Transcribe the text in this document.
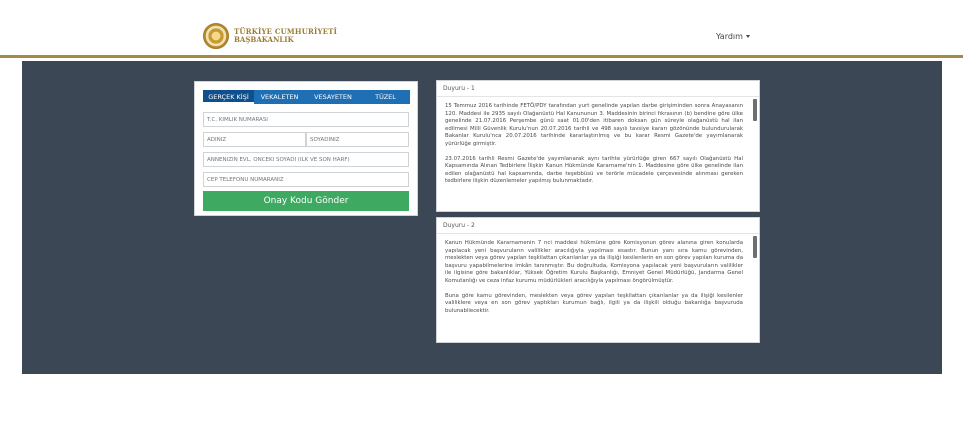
TÜRKİYE CUMHURİYETİ
BAŞBAKANLIK	Yardım
GERÇEK KİŞİ	VEKALETEN	VESAYETEN	TÜZEL
T.C. KİMLİK NUMARASI
ADINIZ
SOYADINIZ
ANNENİZİN EVL. ÖNCEKİ SOYADI (İLK VE SON HARF)
CEP TELEFONU NUMARANIZ
Onay Kodu Gönder
Duyuru - 1

15 Temmuz 2016 tarihinde FETÖ/PDY tarafından yurt genelinde yapılan darbe girişiminden sonra Anayasanın 120. Maddesi ile 2935 sayılı Olağanüstü Hal Kanununun 3. Maddesinin birinci fıkrasının (b) bendine göre ülke genelinde 21.07.2016 Perşembe günü saat 01.00'den itibaren doksan gün süreyle olağanüstü hal ilan edilmesi Milli Güvenlik Kurulu'nun 20.07.2016 tarihli ve 498 sayılı tavsiye kararı gözönünde bulundurularak Bakanlar Kurulu'nca 20.07.2016 tarihinde kararlaştırılmış ve bu karar Resmi Gazete'de yayımlanarak yürürlüğe girmiştir.

23.07.2016 tarihli Resmi Gazete'de yayımlanarak aynı tarihte yürürlüğe giren 667 sayılı Olağanüstü Hal Kapsamında Alınan Tedbirlere İlişkin Kanun Hükmünde Kararname'nin 1. Maddesine göre ülke genelinde ilan edilen olağanüstü hal kapsamında, darbe teşebbüsü ve terörle mücadele çerçevesinde alınması gereken tedbirlere ilişkin düzenlemeler yapılmış bulunmaktadır.

Duyuru - 2

Kanun Hükmünde Kararnamenin 7 nci maddesi hükmüne göre Komisyonun görev alanına giren konularda yapılacak yeni başvuruların valilikler aracılığıyla yapılması esastır. Bunun yanı sıra kamu görevinden, meslekten veya görev yapılan teşkilattan çıkarılanlar ya da ilişiği kesilenlerin en son görev yapılan kuruma da başvuru yapabilmelerine imkân tanınmıştır. Bu doğrultuda, Komisyona yapılacak yeni başvuruların valilikler ile ilgisine göre bakanlıklar, Yüksek Öğretim Kurulu Başkanlığı, Emniyet Genel Müdürlüğü, Jandarma Genel Komutanlığı ve ceza infaz kurumu müdürlükleri aracılığıyla yapılması öngörülmüştür.

Buna göre kamu görevinden, meslekten veya görev yapılan teşkilattan çıkarılanlar ya da ilişiği kesilenler valiliklere veya en son görev yaptıkları kurumun bağlı, ilgili ya da ilişkili olduğu bakanlığa başvuruda bulunabilecektir.
